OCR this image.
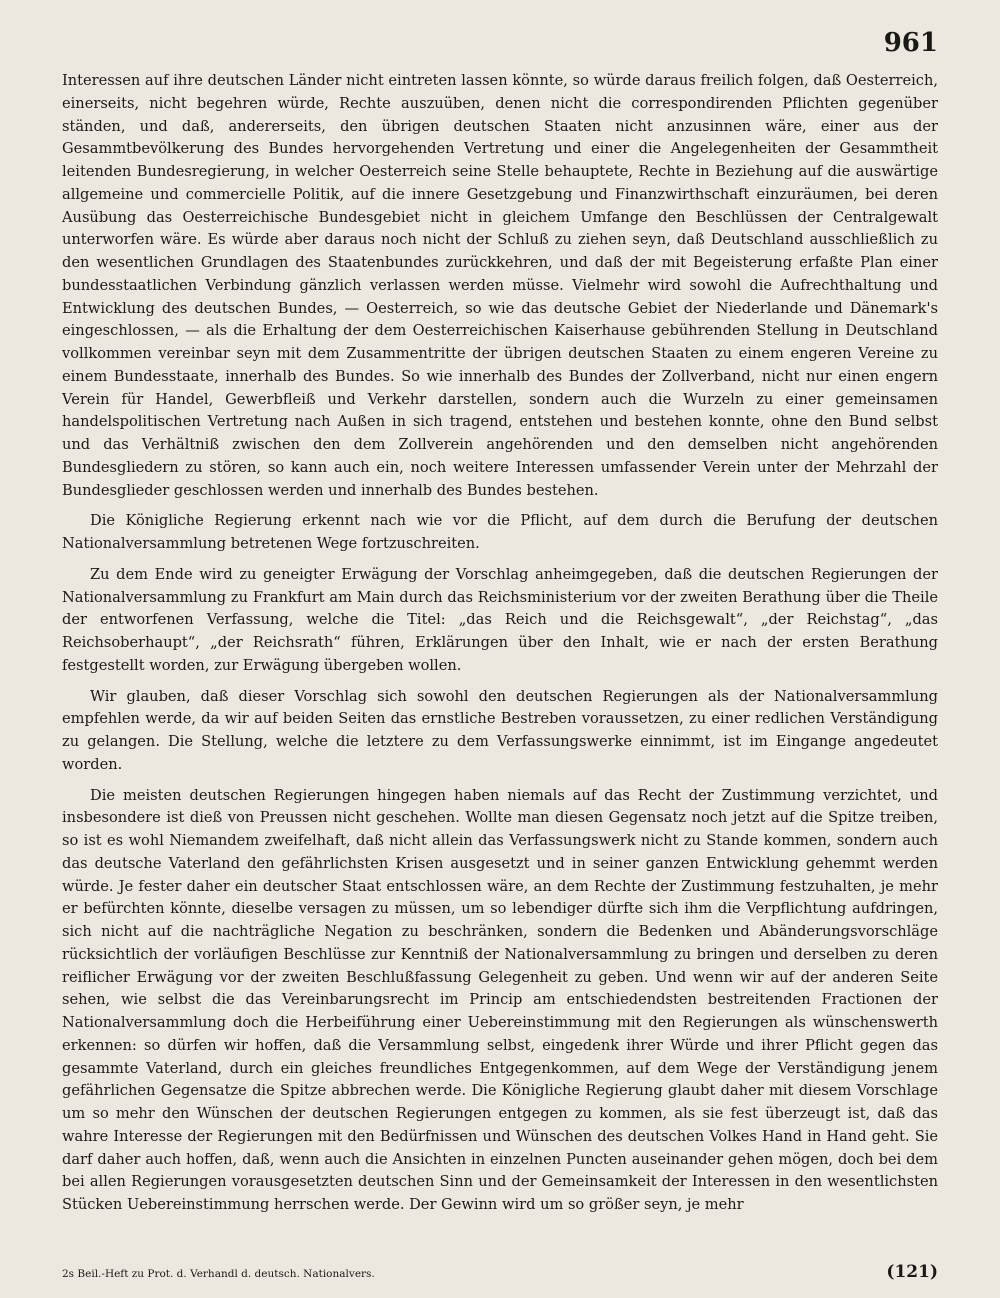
961

Interessen auf ihre deutschen Länder nicht eintreten lassen könnte, so würde daraus freilich folgen, daß Oesterreich, einerseits, nicht begehren würde, Rechte auszuüben, denen nicht die correspondirenden Pflichten gegenüber ständen, und daß, andererseits, den übrigen deutschen Staaten nicht anzusinnen wäre, einer aus der Gesammtbevölkerung des Bundes hervorgehenden Vertretung und einer die Angelegenheiten der Gesammtheit leitenden Bundesregierung, in welcher Oesterreich seine Stelle behauptete, Rechte in Beziehung auf die auswärtige allgemeine und commercielle Politik, auf die innere Gesetzgebung und Finanzwirthschaft einzuräumen, bei deren Ausübung das Oesterreichische Bundesgebiet nicht in gleichem Umfange den Beschlüssen der Centralgewalt unterworfen wäre. Es würde aber daraus noch nicht der Schluß zu ziehen seyn, daß Deutschland ausschließlich zu den wesentlichen Grundlagen des Staatenbundes zurückkehren, und daß der mit Begeisterung erfaßte Plan einer bundesstaatlichen Verbindung gänzlich verlassen werden müsse. Vielmehr wird sowohl die Aufrechthaltung und Entwicklung des deutschen Bundes, — Oesterreich, so wie das deutsche Gebiet der Niederlande und Dänemark's eingeschlossen, — als die Erhaltung der dem Oesterreichischen Kaiserhause gebührenden Stellung in Deutschland vollkommen vereinbar seyn mit dem Zusammentritte der übrigen deutschen Staaten zu einem engeren Vereine zu einem Bundesstaate, innerhalb des Bundes. So wie innerhalb des Bundes der Zollverband, nicht nur einen engern Verein für Handel, Gewerbfleiß und Verkehr darstellen, sondern auch die Wurzeln zu einer gemeinsamen handelspolitischen Vertretung nach Außen in sich tragend, entstehen und bestehen konnte, ohne den Bund selbst und das Verhältniß zwischen den dem Zollverein angehörenden und den demselben nicht angehörenden Bundesgliedern zu stören, so kann auch ein, noch weitere Interessen umfassender Verein unter der Mehrzahl der Bundesglieder geschlossen werden und innerhalb des Bundes bestehen.

Die Königliche Regierung erkennt nach wie vor die Pflicht, auf dem durch die Berufung der deutschen Nationalversammlung betretenen Wege fortzuschreiten.

Zu dem Ende wird zu geneigter Erwägung der Vorschlag anheimgegeben, daß die deutschen Regierungen der Nationalversammlung zu Frankfurt am Main durch das Reichsministerium vor der zweiten Berathung über die Theile der entworfenen Verfassung, welche die Titel: „das Reich und die Reichsgewalt“, „der Reichstag“, „das Reichsoberhaupt“, „der Reichsrath“ führen, Erklärungen über den Inhalt, wie er nach der ersten Berathung festgestellt worden, zur Erwägung übergeben wollen.

Wir glauben, daß dieser Vorschlag sich sowohl den deutschen Regierungen als der Nationalversammlung empfehlen werde, da wir auf beiden Seiten das ernstliche Bestreben voraussetzen, zu einer redlichen Verständigung zu gelangen. Die Stellung, welche die letztere zu dem Verfassungswerke einnimmt, ist im Eingange angedeutet worden.

Die meisten deutschen Regierungen hingegen haben niemals auf das Recht der Zustimmung verzichtet, und insbesondere ist dieß von Preussen nicht geschehen. Wollte man diesen Gegensatz noch jetzt auf die Spitze treiben, so ist es wohl Niemandem zweifelhaft, daß nicht allein das Verfassungswerk nicht zu Stande kommen, sondern auch das deutsche Vaterland den gefährlichsten Krisen ausgesetzt und in seiner ganzen Entwicklung gehemmt werden würde. Je fester daher ein deutscher Staat entschlossen wäre, an dem Rechte der Zustimmung festzuhalten, je mehr er befürchten könnte, dieselbe versagen zu müssen, um so lebendiger dürfte sich ihm die Verpflichtung aufdringen, sich nicht auf die nachträgliche Negation zu beschränken, sondern die Bedenken und Abänderungsvorschläge rücksichtlich der vorläufigen Beschlüsse zur Kenntniß der Nationalversammlung zu bringen und derselben zu deren reiflicher Erwägung vor der zweiten Beschlußfassung Gelegenheit zu geben. Und wenn wir auf der anderen Seite sehen, wie selbst die das Vereinbarungsrecht im Princip am entschiedendsten bestreitenden Fractionen der Nationalversammlung doch die Herbeiführung einer Uebereinstimmung mit den Regierungen als wünschenswerth erkennen: so dürfen wir hoffen, daß die Versammlung selbst, eingedenk ihrer Würde und ihrer Pflicht gegen das gesammte Vaterland, durch ein gleiches freundliches Entgegenkommen, auf dem Wege der Verständigung jenem gefährlichen Gegensatze die Spitze abbrechen werde. Die Königliche Regierung glaubt daher mit diesem Vorschlage um so mehr den Wünschen der deutschen Regierungen entgegen zu kommen, als sie fest überzeugt ist, daß das wahre Interesse der Regierungen mit den Bedürfnissen und Wünschen des deutschen Volkes Hand in Hand geht. Sie darf daher auch hoffen, daß, wenn auch die Ansichten in einzelnen Puncten auseinander gehen mögen, doch bei dem bei allen Regierungen vorausgesetzten deutschen Sinn und der Gemeinsamkeit der Interessen in den wesentlichsten Stücken Uebereinstimmung herrschen werde. Der Gewinn wird um so größer seyn, je mehr

2s Beil.-Heft zu Prot. d. Verhandl d. deutsch. Nationalvers.	(121)
